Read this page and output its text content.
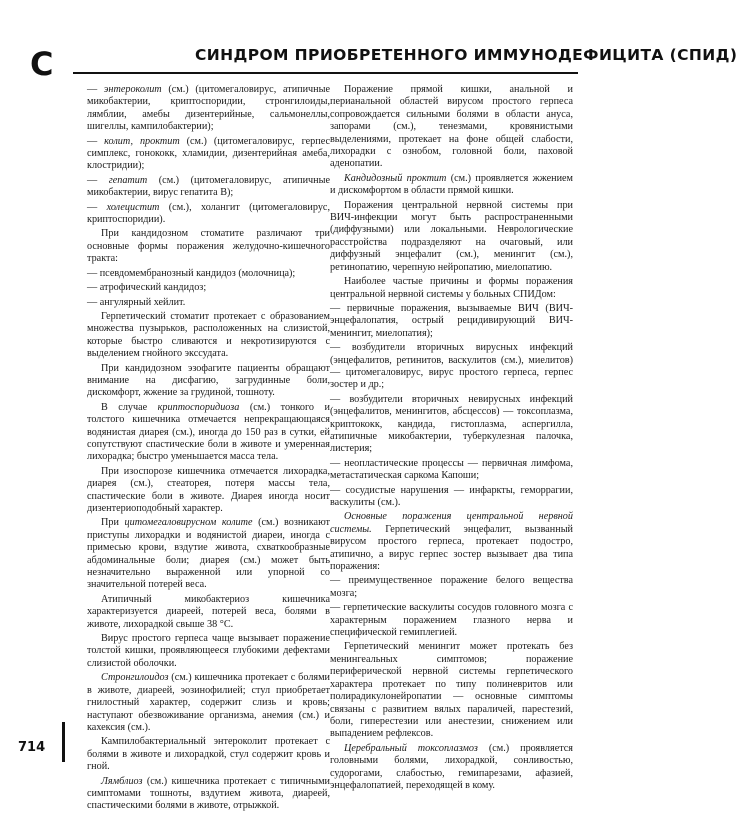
С	СИНДРОМ ПРИОБРЕТЕННОГО ИММУНОДЕФИЦИТА (СПИД)

— энтероколит (см.) (цитомегаловирус, атипичные микобактерии, криптоспоридии, стронгилоиды, лямблии, амебы дизентерийные, сальмонеллы, шигеллы, кампилобактерии);

— колит, проктит (см.) (цитомегаловирус, герпес симплекс, гонококк, хламидии, дизентерийная амеба, клостридии);

— гепатит (см.) (цитомегаловирус, атипичные микобактерии, вирус гепатита В);

— холецистит (см.), холангит (цитомегаловирус, криптоспоридии).

При кандидозном стоматите различают три основные формы поражения желудочно-кишечного тракта:

— псевдомембранозный кандидоз (молочница);

— атрофический кандидоз;

— ангулярный хейлит.

Герпетический стоматит протекает с образованием множества пузырьков, расположенных на слизистой, которые быстро сливаются и некротизируются с выделением гнойного экссудата.

При кандидозном эзофагите пациенты обращают внимание на дисфагию, загрудинные боли, дискомфорт, жжение за грудиной, тошноту.

В случае криптоспоридиоза (см.) тонкого и толстого кишечника отмечается непрекращающаяся водянистая диарея (см.), иногда до 150 раз в сутки, ей сопутствуют спастические боли в животе и умеренная лихорадка; быстро уменьшается масса тела.

При изоспорозе кишечника отмечается лихорадка, диарея (см.), стеаторея, потеря массы тела, спастические боли в животе. Диарея иногда носит дизентериоподобный характер.

При цитомегаловирусном колите (см.) возникают приступы лихорадки и водянистой диареи, иногда с примесью крови, вздутие живота, схваткообразные абдоминальные боли; диарея (см.) может быть незначительно выраженной или упорной со значительной потерей веса.

Атипичный микобактериоз кишечника характеризуется диареей, потерей веса, болями в животе, лихорадкой свыше 38 °С.

Вирус простого герпеса чаще вызывает поражение толстой кишки, проявляющееся глубокими дефектами слизистой оболочки.

Стронгилоидоз (см.) кишечника протекает с болями в животе, диареей, эозинофилией; стул приобретает гнилостный характер, содержит слизь и кровь; наступают обезвоживание организма, анемия (см.) и кахексия (см.).

Кампилобактериальный энтероколит протекает с болями в животе и лихорадкой, стул содержит кровь и гной.

Лямблиоз (см.) кишечника протекает с типичными симптомами тошноты, вздутием живота, диареей, спастическими болями в животе, отрыжкой.

Поражение прямой кишки, анальной и перианальной областей вирусом простого герпеса сопровождается сильными болями в области ануса, запорами (см.), тенезмами, кровянистыми выделениями, протекает на фоне общей слабости, лихорадки с ознобом, головной боли, паховой аденопатии.

Кандидозный проктит (см.) проявляется жжением и дискомфортом в области прямой кишки.

Поражения центральной нервной системы при ВИЧ-инфекции могут быть распространенными (диффузными) или локальными. Неврологические расстройства подразделяют на очаговый, или диффузный энцефалит (см.), менингит (см.), ретинопатию, черепную нейропатию, миелопатию.

Наиболее частые причины и формы поражения центральной нервной системы у больных СПИДом:

— первичные поражения, вызываемые ВИЧ (ВИЧ-энцефалопатия, острый рецидивирующий ВИЧ-менингит, миелопатия);

— возбудители вторичных вирусных инфекций (энцефалитов, ретинитов, васкулитов (см.), миелитов) — цитомегаловирус, вирус простого герпеса, герпес зостер и др.;

— возбудители вторичных невирусных инфекций (энцефалитов, менингитов, абсцессов) — токсоплазма, криптококк, кандида, гистоплазма, аспергилла, атипичные микобактерии, туберкулезная палочка, листерия;

— неопластические процессы — первичная лимфома, метастатическая саркома Капоши;

— сосудистые нарушения — инфаркты, геморрагии, васкулиты (см.).

Основные поражения центральной нервной системы. Герпетический энцефалит, вызванный вирусом простого герпеса, протекает подостро, атипично, а вирус герпес зостер вызывает два типа поражения:

— преимущественное поражение белого вещества мозга;

— герпетические васкулиты сосудов головного мозга с характерным поражением глазного нерва и специфической гемиплегией.

Герпетический менингит может протекать без менингеальных симптомов; поражение периферической нервной системы герпетического характера протекает по типу полиневритов или полирадикулонейропатии — основные симптомы связаны с развитием вялых параличей, парестезий, боли, гиперестезии или анестезии, снижением или выпадением рефлексов.

Церебральный токсоплазмоз (см.) проявляется головными болями, лихорадкой, сонливостью, судорогами, слабостью, гемипарезами, афазией, энцефалопатией, переходящей в кому.

714
